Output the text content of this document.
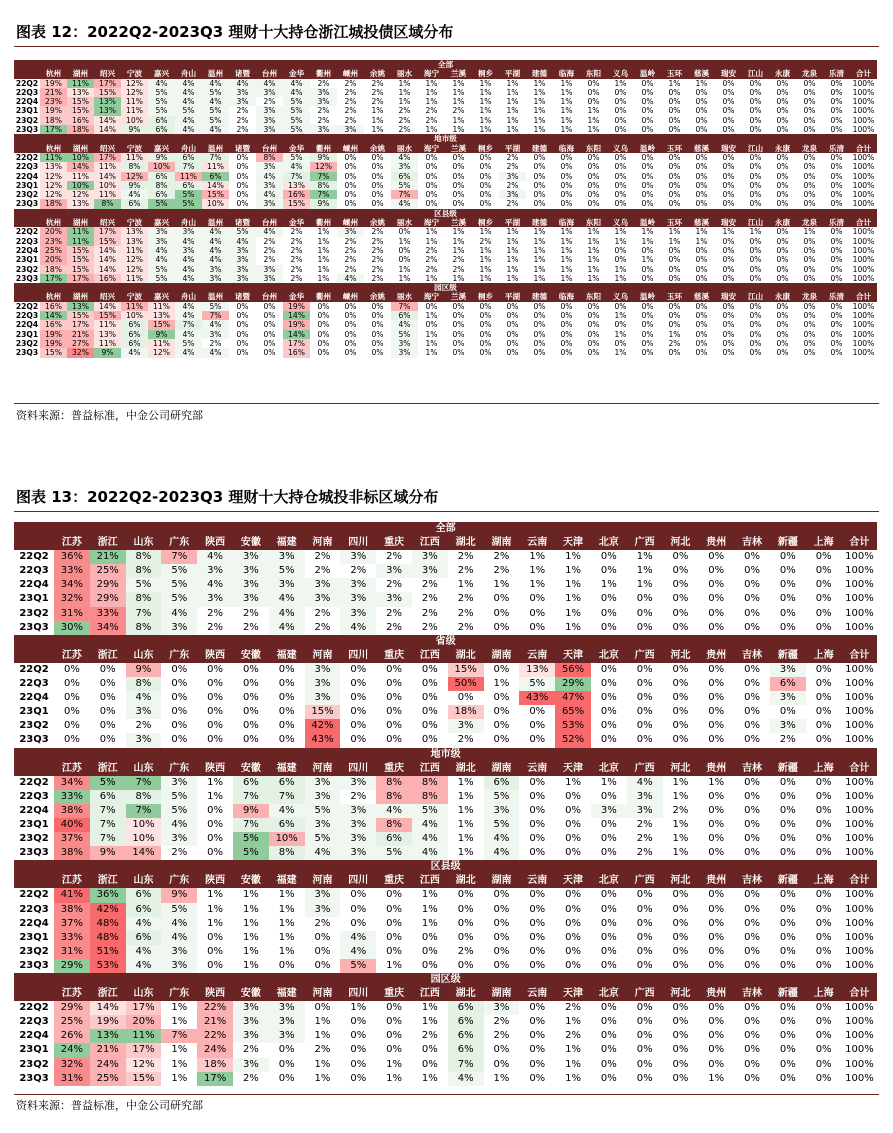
图表 12：2022Q2-2023Q3 理财十大持仓浙江城投债区域分布
全部																															
	杭州	湖州	绍兴	宁波	嘉兴	舟山	温州	诸暨	台州	金华	衢州	嵊州	余姚	丽水	海宁	兰溪	桐乡	平湖	建德	临海	东阳	义乌	温岭	玉环	慈溪	瑞安	江山	永康	龙泉	乐清	合计
22Q2	19%	11%	17%	12%	4%	4%	4%	4%	4%	4%	2%	2%	2%	1%	1%	1%	1%	1%	1%	1%	0%	1%	0%	1%	1%	0%	0%	0%	0%	0%	100%
22Q3	21%	13%	15%	12%	5%	4%	5%	3%	3%	4%	3%	2%	2%	1%	1%	1%	1%	1%	1%	1%	0%	0%	0%	0%	0%	0%	0%	0%	0%	0%	100%
22Q4	23%	15%	13%	11%	5%	4%	4%	3%	2%	5%	3%	2%	2%	1%	1%	1%	1%	1%	1%	1%	0%	0%	0%	0%	0%	0%	0%	0%	0%	0%	100%
23Q1	19%	15%	13%	11%	5%	5%	5%	2%	3%	5%	2%	2%	1%	2%	2%	2%	1%	1%	1%	1%	1%	0%	0%	0%	0%	0%	0%	0%	0%	0%	100%
23Q2	18%	16%	14%	10%	6%	4%	5%	2%	3%	5%	2%	2%	1%	2%	2%	1%	1%	1%	1%	1%	1%	0%	0%	0%	0%	0%	0%	0%	0%	0%	100%
23Q3	17%	18%	14%	9%	6%	4%	4%	2%	3%	5%	3%	3%	1%	2%	1%	1%	1%	1%	1%	1%	1%	0%	0%	0%	0%	0%	0%	0%	0%	0%	100%
地市级																															
	杭州	湖州	绍兴	宁波	嘉兴	舟山	温州	诸暨	台州	金华	衢州	嵊州	余姚	丽水	海宁	兰溪	桐乡	平湖	建德	临海	东阳	义乌	温岭	玉环	慈溪	瑞安	江山	永康	龙泉	乐清	合计
22Q2	11%	10%	17%	11%	9%	6%	7%	0%	8%	5%	9%	0%	0%	4%	0%	0%	0%	2%	0%	0%	0%	0%	0%	0%	0%	0%	0%	0%	0%	0%	100%
22Q3	13%	14%	11%	8%	10%	7%	11%	0%	3%	4%	12%	0%	0%	3%	0%	0%	0%	2%	0%	0%	0%	0%	0%	0%	0%	0%	0%	0%	0%	0%	100%
22Q4	12%	11%	14%	12%	6%	11%	6%	0%	4%	7%	7%	0%	0%	6%	0%	0%	0%	3%	0%	0%	0%	0%	0%	0%	0%	0%	0%	0%	0%	0%	100%
23Q1	12%	10%	10%	9%	8%	6%	14%	0%	3%	13%	8%	0%	0%	5%	0%	0%	0%	2%	0%	0%	0%	0%	0%	0%	0%	0%	0%	0%	0%	0%	100%
23Q2	12%	12%	11%	4%	6%	5%	15%	0%	4%	16%	7%	0%	0%	7%	0%	0%	0%	3%	0%	0%	0%	0%	0%	0%	0%	0%	0%	0%	0%	0%	100%
23Q3	18%	13%	8%	6%	5%	5%	10%	0%	3%	15%	9%	0%	0%	4%	0%	0%	0%	2%	0%	0%	0%	0%	0%	0%	0%	0%	0%	0%	0%	0%	100%
区县级																															
	杭州	湖州	绍兴	宁波	嘉兴	舟山	温州	诸暨	台州	金华	衢州	嵊州	余姚	丽水	海宁	兰溪	桐乡	平湖	建德	临海	东阳	义乌	温岭	玉环	慈溪	瑞安	江山	永康	龙泉	乐清	合计
22Q2	20%	11%	17%	13%	3%	3%	4%	5%	4%	2%	1%	3%	2%	0%	1%	1%	1%	1%	1%	1%	1%	1%	1%	1%	1%	1%	1%	0%	1%	0%	100%
22Q3	23%	11%	15%	13%	3%	4%	4%	4%	2%	2%	1%	2%	2%	1%	1%	1%	2%	1%	1%	1%	1%	1%	1%	1%	1%	0%	0%	0%	0%	0%	100%
22Q4	25%	15%	14%	11%	4%	3%	4%	3%	2%	2%	1%	2%	2%	0%	2%	1%	1%	1%	1%	1%	1%	0%	0%	0%	0%	0%	0%	0%	0%	0%	100%
23Q1	20%	15%	14%	12%	4%	4%	4%	3%	2%	2%	1%	2%	2%	0%	2%	2%	1%	1%	1%	1%	1%	0%	1%	0%	0%	0%	0%	0%	0%	0%	100%
23Q2	18%	15%	14%	12%	5%	4%	3%	3%	3%	2%	1%	2%	2%	1%	2%	2%	1%	1%	1%	1%	1%	1%	0%	0%	0%	0%	0%	0%	0%	0%	100%
23Q3	17%	17%	16%	11%	5%	4%	3%	3%	3%	2%	1%	4%	2%	1%	1%	1%	1%	1%	1%	1%	1%	1%	0%	0%	0%	0%	0%	0%	0%	0%	100%
园区级																															
	杭州	湖州	绍兴	宁波	嘉兴	舟山	温州	诸暨	台州	金华	衢州	嵊州	余姚	丽水	海宁	兰溪	桐乡	平湖	建德	临海	东阳	义乌	温岭	玉环	慈溪	瑞安	江山	永康	龙泉	乐清	合计
22Q2	16%	13%	14%	11%	11%	4%	5%	0%	0%	19%	0%	0%	0%	7%	0%	0%	0%	0%	0%	0%	0%	0%	0%	0%	0%	0%	0%	0%	0%	0%	100%
22Q3	14%	15%	15%	10%	13%	4%	7%	0%	0%	14%	0%	0%	0%	6%	1%	0%	0%	0%	0%	0%	0%	1%	0%	0%	0%	0%	0%	0%	0%	0%	100%
22Q4	16%	17%	11%	6%	15%	7%	4%	0%	0%	19%	0%	0%	0%	4%	0%	0%	0%	0%	0%	0%	0%	0%	0%	0%	0%	0%	0%	0%	0%	0%	100%
23Q1	19%	21%	13%	6%	9%	4%	3%	0%	0%	14%	0%	0%	0%	5%	1%	0%	0%	0%	0%	0%	0%	1%	0%	1%	0%	0%	0%	0%	0%	0%	100%
23Q2	19%	27%	11%	6%	11%	5%	2%	0%	0%	17%	0%	0%	0%	3%	1%	0%	0%	0%	0%	0%	0%	0%	0%	2%	0%	0%	0%	0%	0%	0%	100%
23Q3	15%	32%	9%	4%	12%	4%	4%	0%	0%	16%	0%	0%	0%	3%	1%	0%	0%	0%	0%	0%	0%	1%	0%	0%	0%	0%	0%	0%	0%	0%	100%
资料来源：普益标准，中金公司研究部
图表 13：2022Q2-2023Q3 理财十大持仓城投非标区域分布
全部																							
	江苏	浙江	山东	广东	陕西	安徽	福建	河南	四川	重庆	江西	湖北	湖南	云南	天津	北京	广西	河北	贵州	吉林	新疆	上海	合计
22Q2	36%	21%	8%	7%	4%	3%	3%	2%	3%	2%	3%	2%	2%	1%	1%	0%	1%	0%	0%	0%	0%	0%	100%
22Q3	33%	25%	8%	5%	3%	3%	5%	2%	2%	3%	3%	2%	2%	1%	1%	0%	1%	0%	0%	0%	0%	0%	100%
22Q4	34%	29%	5%	5%	4%	3%	3%	3%	3%	2%	2%	1%	1%	1%	1%	1%	1%	0%	0%	0%	0%	0%	100%
23Q1	32%	29%	8%	5%	3%	3%	4%	3%	3%	3%	2%	2%	0%	0%	1%	0%	0%	0%	0%	0%	0%	0%	100%
23Q2	31%	33%	7%	4%	2%	2%	4%	2%	3%	2%	2%	2%	0%	0%	1%	0%	0%	0%	0%	0%	0%	0%	100%
23Q3	30%	34%	8%	3%	2%	2%	4%	2%	4%	2%	2%	2%	0%	0%	1%	0%	0%	0%	0%	0%	0%	0%	100%
省级																							
	江苏	浙江	山东	广东	陕西	安徽	福建	河南	四川	重庆	江西	湖北	湖南	云南	天津	北京	广西	河北	贵州	吉林	新疆	上海	合计
22Q2	0%	0%	9%	0%	0%	0%	0%	3%	0%	0%	0%	15%	0%	13%	56%	0%	0%	0%	0%	0%	3%	0%	100%
22Q3	0%	0%	8%	0%	0%	0%	0%	3%	0%	0%	0%	50%	1%	5%	29%	0%	0%	0%	0%	0%	6%	0%	100%
22Q4	0%	0%	4%	0%	0%	0%	0%	3%	0%	0%	0%	0%	0%	43%	47%	0%	0%	0%	0%	0%	3%	0%	100%
23Q1	0%	0%	3%	0%	0%	0%	0%	15%	0%	0%	0%	18%	0%	0%	65%	0%	0%	0%	0%	0%	0%	0%	100%
23Q2	0%	0%	2%	0%	0%	0%	0%	42%	0%	0%	0%	3%	0%	0%	53%	0%	0%	0%	0%	0%	3%	0%	100%
23Q3	0%	0%	3%	0%	0%	0%	0%	43%	0%	0%	0%	2%	0%	0%	52%	0%	0%	0%	0%	0%	2%	0%	100%
地市级																							
	江苏	浙江	山东	广东	陕西	安徽	福建	河南	四川	重庆	江西	湖北	湖南	云南	天津	北京	广西	河北	贵州	吉林	新疆	上海	合计
22Q2	34%	5%	7%	3%	1%	6%	6%	3%	3%	8%	8%	1%	6%	0%	1%	1%	4%	1%	1%	0%	0%	0%	100%
22Q3	33%	6%	8%	5%	1%	7%	7%	3%	2%	8%	8%	1%	5%	0%	0%	0%	3%	1%	0%	0%	0%	0%	100%
22Q4	38%	7%	7%	5%	0%	9%	4%	5%	3%	4%	5%	1%	3%	0%	0%	3%	3%	2%	0%	0%	0%	0%	100%
23Q1	40%	7%	10%	4%	0%	7%	6%	3%	3%	8%	4%	1%	5%	0%	0%	0%	2%	1%	0%	0%	0%	0%	100%
23Q2	37%	7%	10%	3%	0%	5%	10%	5%	3%	6%	4%	1%	4%	0%	0%	0%	2%	1%	0%	0%	0%	0%	100%
23Q3	38%	9%	14%	2%	0%	5%	8%	4%	3%	5%	4%	1%	4%	0%	0%	0%	2%	1%	0%	0%	0%	0%	100%
区县级																							
	江苏	浙江	山东	广东	陕西	安徽	福建	河南	四川	重庆	江西	湖北	湖南	云南	天津	北京	广西	河北	贵州	吉林	新疆	上海	合计
22Q2	41%	36%	6%	9%	1%	1%	1%	3%	0%	0%	1%	0%	0%	0%	0%	0%	0%	0%	0%	0%	0%	0%	100%
22Q3	38%	42%	6%	5%	1%	1%	1%	3%	0%	0%	1%	0%	0%	0%	0%	0%	0%	0%	0%	0%	0%	0%	100%
22Q4	37%	48%	4%	4%	1%	1%	1%	2%	0%	0%	1%	0%	0%	0%	0%	0%	0%	0%	0%	0%	0%	0%	100%
23Q1	33%	48%	6%	4%	0%	1%	1%	0%	4%	0%	0%	0%	0%	0%	0%	0%	0%	0%	0%	0%	0%	0%	100%
23Q2	31%	51%	4%	3%	0%	1%	1%	0%	4%	0%	0%	2%	0%	0%	0%	0%	0%	0%	0%	0%	0%	0%	100%
23Q3	29%	53%	4%	3%	0%	1%	0%	0%	5%	1%	0%	0%	0%	0%	0%	0%	0%	0%	0%	0%	0%	0%	100%
园区级																							
	江苏	浙江	山东	广东	陕西	安徽	福建	河南	四川	重庆	江西	湖北	湖南	云南	天津	北京	广西	河北	贵州	吉林	新疆	上海	合计
22Q2	29%	14%	17%	1%	22%	3%	3%	0%	1%	0%	1%	6%	3%	0%	2%	0%	0%	0%	0%	0%	0%	0%	100%
22Q3	25%	19%	20%	1%	21%	3%	3%	1%	0%	0%	1%	6%	2%	0%	1%	0%	0%	0%	0%	0%	0%	0%	100%
22Q4	26%	13%	11%	7%	22%	3%	3%	1%	0%	0%	2%	6%	2%	0%	2%	0%	0%	0%	0%	0%	0%	0%	100%
23Q1	24%	21%	17%	1%	24%	2%	0%	2%	0%	0%	0%	6%	0%	0%	1%	0%	0%	0%	0%	0%	0%	0%	100%
23Q2	32%	24%	12%	1%	18%	3%	0%	1%	0%	1%	0%	7%	0%	0%	1%	0%	0%	0%	0%	0%	0%	0%	100%
23Q3	31%	25%	15%	1%	17%	2%	0%	1%	0%	1%	1%	4%	1%	0%	1%	0%	0%	0%	1%	0%	0%	0%	100%
资料来源：普益标准，中金公司研究部
